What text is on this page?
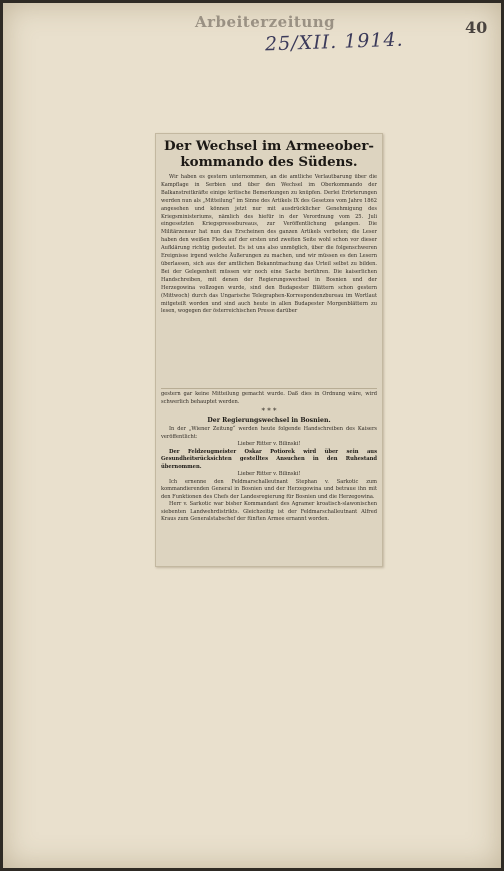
Arbeiterzeitung
25/XII. 1914.
40
Der Wechsel im Armeeober-
kommando des Südens.

Wir haben es gestern unternommen, an die amtliche Verlautbarung über die Kampflage in Serbien und über den Wechsel im Oberkommando der Balkanstreitkräfte einige kritische Bemerkungen zu knüpfen. Derlei Erörterungen werden nun als „Mitteilung“ im Sinne des Artikels IX des Gesetzes vom Jahre 1862 angesehen und können jetzt nur mit ausdrücklicher Genehmigung des Kriegsministeriums, nämlich des hiefür in der Verordnung vom 25. Juli eingesetzten Kriegspressebureaus, zur Veröffentlichung gelangen. Die Militärzensur hat nun das Erscheinen des ganzen Artikels verboten; die Leser haben den weißen Fleck auf der ersten und zweiten Seite wohl schon vor dieser Aufklärung richtig gedeutet. Es ist uns also unmöglich, über die folgenschweren Ereignisse irgend welche Äußerungen zu machen, und wir müssen es den Lesern überlassen, sich aus der amtlichen Bekanntmachung das Urteil selbst zu bilden. Bei der Gelegenheit müssen wir noch eine Sache berühren. Die kaiserlichen Handschreiben, mit denen der Regierungswechsel in Bosnien und der Herzegowina vollzogen wurde, sind den Budapester Blättern schon gestern (Mittwoch) durch das Ungarische Telegraphen-Korrespondenzbureau im Wortlaut mitgeteilt worden und sind auch heute in allen Budapester Morgenblättern zu lesen, wogegen der österreichischen Presse darüber

gestern gar keine Mitteilung gemacht wurde. Daß dies in Ordnung wäre, wird schwerlich behauptet werden.

* * *
Der Regierungswechsel in Bosnien.

In der „Wiener Zeitung“ werden heute folgende Handschreiben des Kaisers veröffentlicht:

Lieber Ritter v. Bilinski!

Der Feldzeugmeister Oskar Potiorek wird über sein aus Gesundheitsrücksichten gestelltes Ansuchen in den Ruhestand übernommen.

Lieber Ritter v. Bilinski!

Ich ernenne den Feldmarschalleutnant Stephan v. Sarkotic zum kommandierenden General in Bosnien und der Herzegowina und betraue ihn mit den Funktionen des Chefs der Landesregierung für Bosnien und die Herzegowina.

Herr v. Sarkotic war bisher Kommandant des Agramer kroatisch-slawonischen siebenten Landwehrdistrikts. Gleichzeitig ist der Feldmarschalleutnant Alfred Kraus zum Generalstabschef der fünften Armee ernannt worden.
